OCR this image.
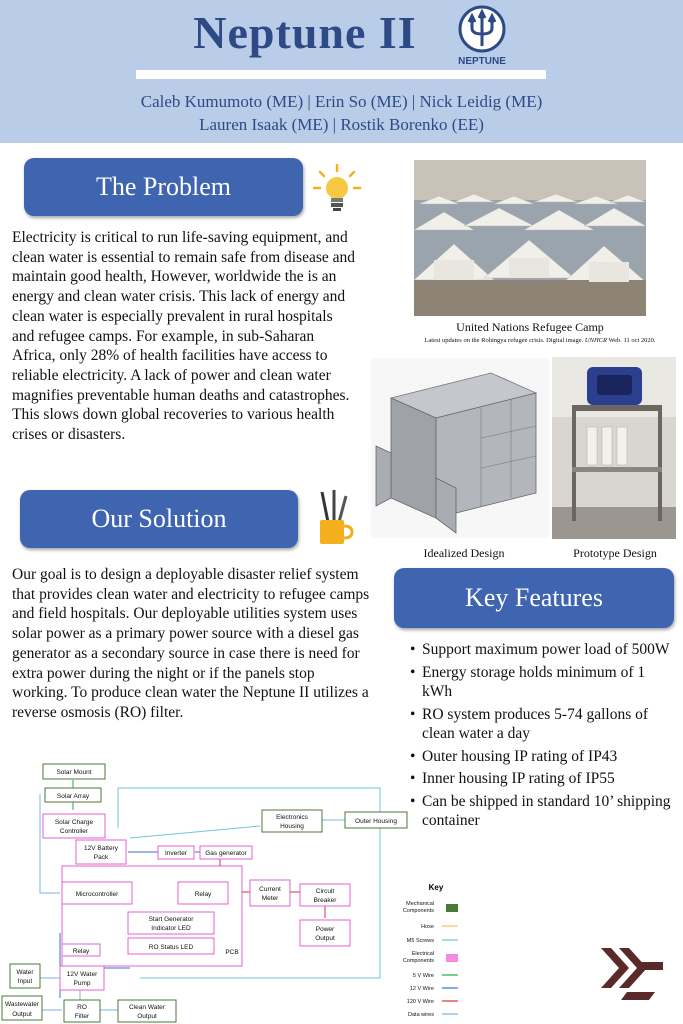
Neptune II
NEPTUNE
Caleb Kumumoto (ME) | Erin So (ME) | Nick Leidig (ME)
Lauren Isaak (ME) | Rostik Borenko (EE)
The Problem
Electricity is critical to run life-saving equipment, and clean water is essential to remain safe from disease and maintain good health, However, worldwide the is an energy and clean water crisis. This lack of energy and clean water is especially prevalent in rural hospitals and refugee camps. For example, in sub-Saharan Africa, only 28% of health facilities have access to reliable electricity. A lack of power and clean water magnifies preventable human deaths and catastrophes. This slows down global recoveries to various health crises or disasters.
Our Solution
Our goal is to design a deployable disaster relief system that provides clean water and electricity to refugee camps and field hospitals. Our deployable utilities system uses solar power as a primary power source with a diesel gas generator as a secondary source in case there is need for extra power during the night or if the panels stop working. To produce clean water the Neptune II utilizes a reverse osmosis (RO) filter.
United Nations Refugee Camp
Latest updates on the Rohingya refugee crisis. Digital image. UNHCR Web. 11 oct 2020.
Idealized Design	Prototype Design
Key Features
• Support maximum power load of 500W
• Energy storage holds minimum of 1 kWh
• RO system produces 5-74 gallons of clean water a day
• Outer housing IP rating of IP43
• Inner housing IP rating of IP55
• Can be shipped in standard 10’ shipping container
Solar Mount
Solar Array
Solar Charge
Controller
Electronics
Housing
Outer Housing
12V Battery
Pack
Inverter	Gas generator
Microcontroller	Relay
Current
Meter
Circuit
Breaker
Start Generator
Indicator LED
RO Status LED
Power
Output
PCB
Relay
Water
Input
12V Water
Pump
Wastewater
Output
RO
Filter
Clean Water
Output
Key
Mechanical
Components
Hose
M5 Screws
Electrical
Components
5 V Wire
12 V Wire
120 V Wire
Data wires
